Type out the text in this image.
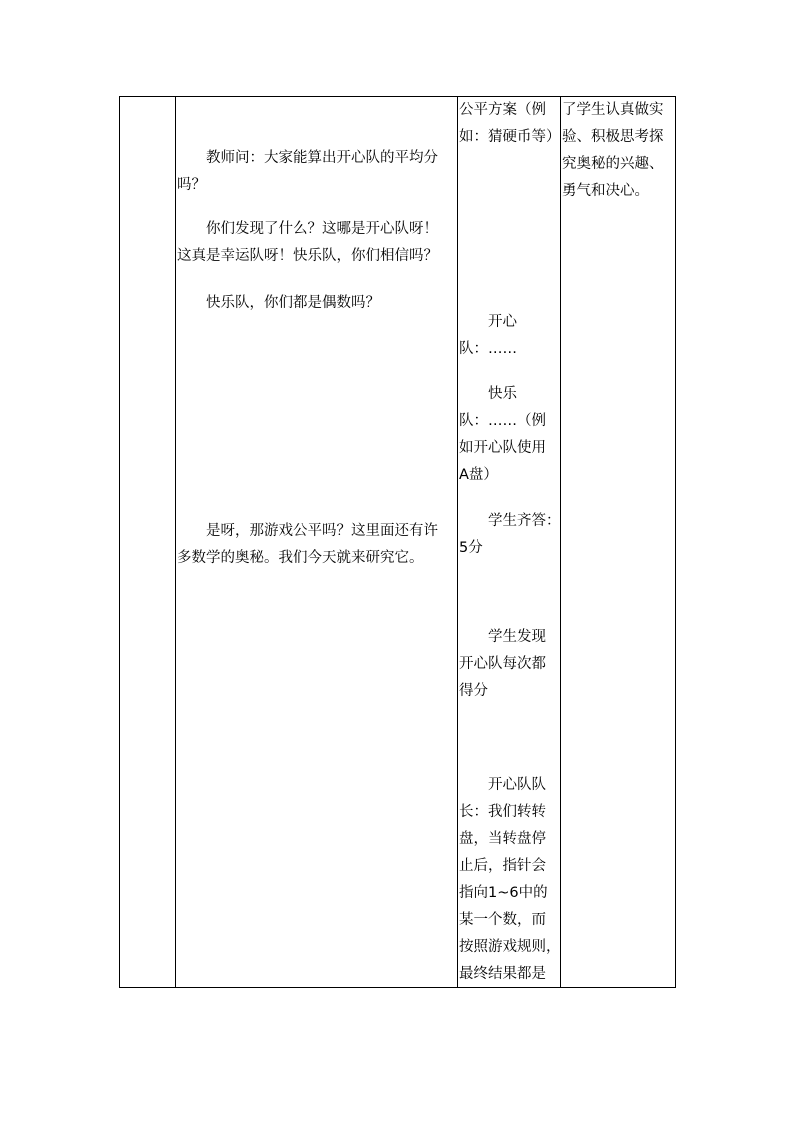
　　教师问：大家能算出开心队的平均分
吗？
　　你们发现了什么？这哪是开心队呀！
这真是幸运队呀！快乐队，你们相信吗？
　　快乐队，你们都是偶数吗？
　　是呀，那游戏公平吗？这里面还有许
多数学的奥秘。我们今天就来研究它。

公平方案（例
如：猜硬币等）
　　开心
队：……
　　快乐
队：……（例
如开心队使用
A盘）
　　学生齐答：
5分
　　学生发现
开心队每次都
得分
　　开心队队
长：我们转转
盘，当转盘停
止后，指针会
指向1~6中的
某一个数，而
按照游戏规则，
最终结果都是

了学生认真做实
验、积极思考探
究奥秘的兴趣、
勇气和决心。
